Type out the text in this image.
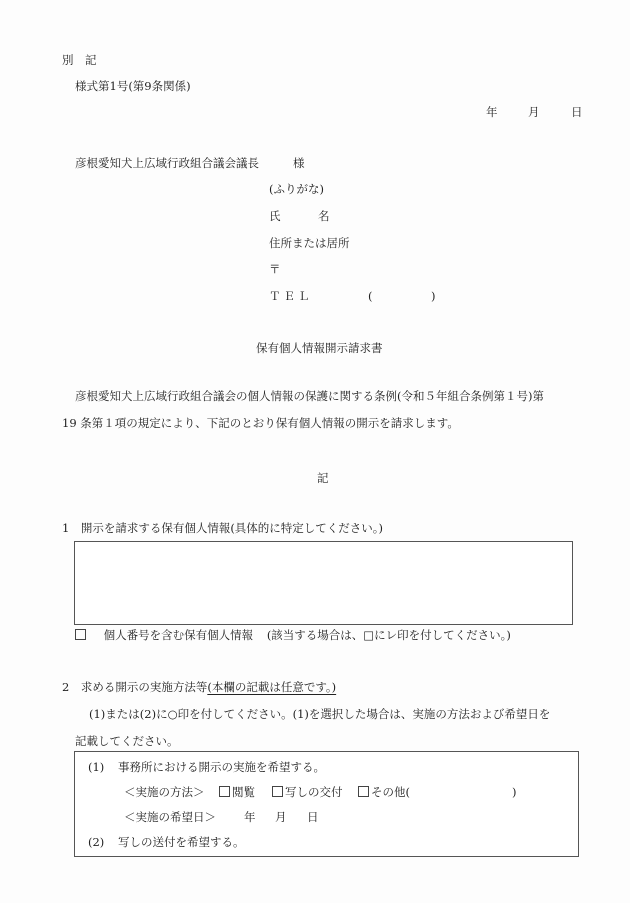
別　記
様式第1号(第9条関係)
年	月	日
彦根愛知犬上広域行政組合議会議長	様
(ふりがな)
氏	名
住所または居所
〒
ＴＥＬ	(	)
保有個人情報開示請求書
彦根愛知犬上広域行政組合議会の個人情報の保護に関する条例(令和５年組合条例第１号)第
19 条第１項の規定により、下記のとおり保有個人情報の開示を請求します。
記
1　開示を請求する保有個人情報(具体的に特定してください。)
個人番号を含む保有個人情報 (該当する場合は、□にレ印を付してください。)
2　求める開示の実施方法等(本欄の記載は任意です。)
(1)または(2)に○印を付してください。(1)を選択した場合は、実施の方法および希望日を
記載してください。
(1) 事務所における開示の実施を希望する。
＜実施の方法＞	閲覧	写しの交付	その他(	)
＜実施の希望日＞ 年 月 日
(2) 写しの送付を希望する。
